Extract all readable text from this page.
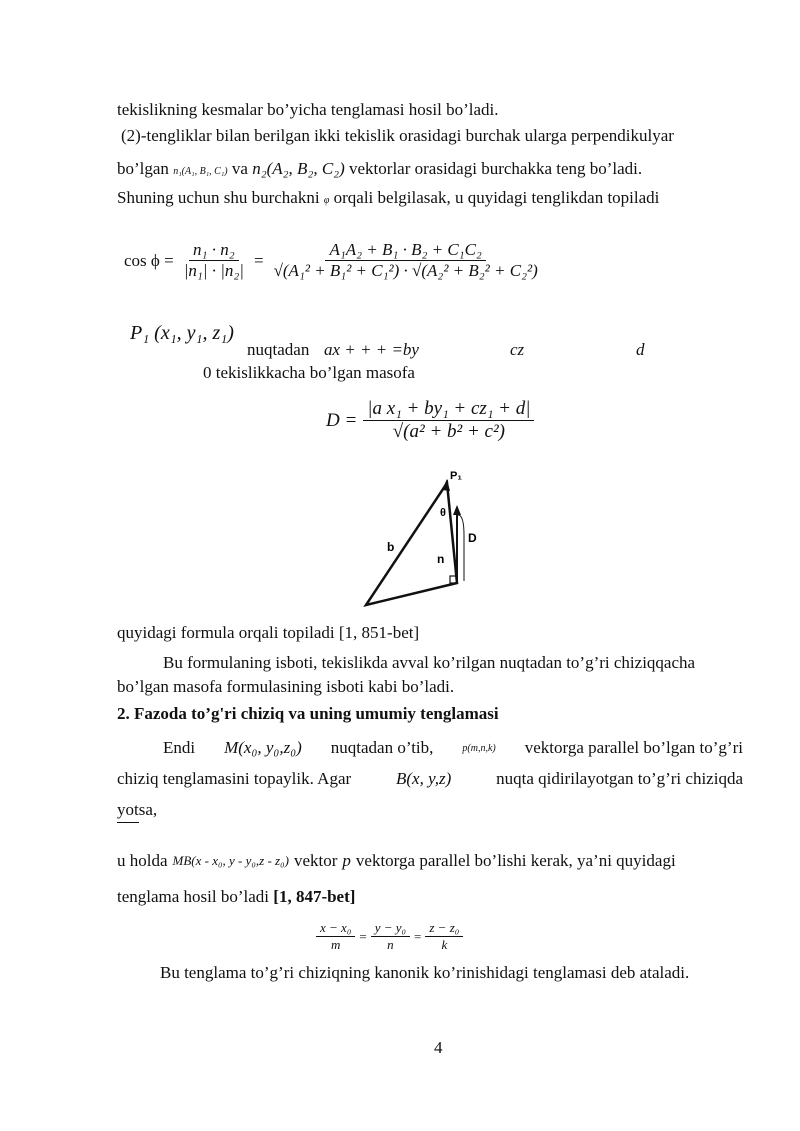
tekislikning kesmalar bo’yicha tenglamasi hosil bo’ladi.
(2)-tengliklar bilan berilgan ikki tekislik orasidagi burchak ularga perpendikulyar
bo’lgan n₁(A₁, B₁, C₁) va n₂(A₂, B₂, C₂) vektorlar orasidagi burchakka teng bo’ladi.
Shuning uchun shu burchakni φ orqali belgilasak, u quyidagi tenglikdan topiladi
$\cos \phi = \frac{\text{n₁ · n₂}}{\text{|n₁| · |n₂|}} = \frac{\text{A₁A₂ + B₁ · B₂ + C₁C₂}}{\text{√(A₁² + B₁² + C₁²) · √(A₂² + B₂² + C₂²)}}$
P₁ (x₁, y₁, z₁)
nuqtadan ax + + + =by	cz	d
0 tekislikkacha bo’lgan masofa
$D = \frac{\text{|a x₁ + by₁ + cz₁ + d|}}{\text{√(a² + b² + c²)}}$
P₁
θ
b
n
D
quyidagi formula orqali topiladi [1, 851-bet]
Bu formulaning isboti, tekislikda avval ko’rilgan nuqtadan to’g’ri chiziqqacha
bo’lgan masofa formulasining isboti kabi bo’ladi.
2. Fazoda to’g'ri chiziq va uning umumiy tenglamasi
Endi M(x₀, y₀,z₀) nuqtadan o’tib,	p(m,n,k) vektorga parallel bo’lgan to’g’ri
chiziq tenglamasini topaylik. Agar	B(x, y,z)	nuqta qidirilayotgan to’g’ri chiziqda
yotsa,
u holda MB(x - x₀, y - y₀,z - z₀) vektor p vektorga parallel bo’lishi kerak, ya’ni quyidagi
tenglama hosil bo’ladi [1, 847-bet]
$\frac{\text{x − x₀}}{m} = \frac{\text{y − y₀}}{n} = \frac{\text{z − z₀}}{k}$
Bu tenglama to’g’ri chiziqning kanonik ko’rinishidagi tenglamasi deb ataladi.
4
